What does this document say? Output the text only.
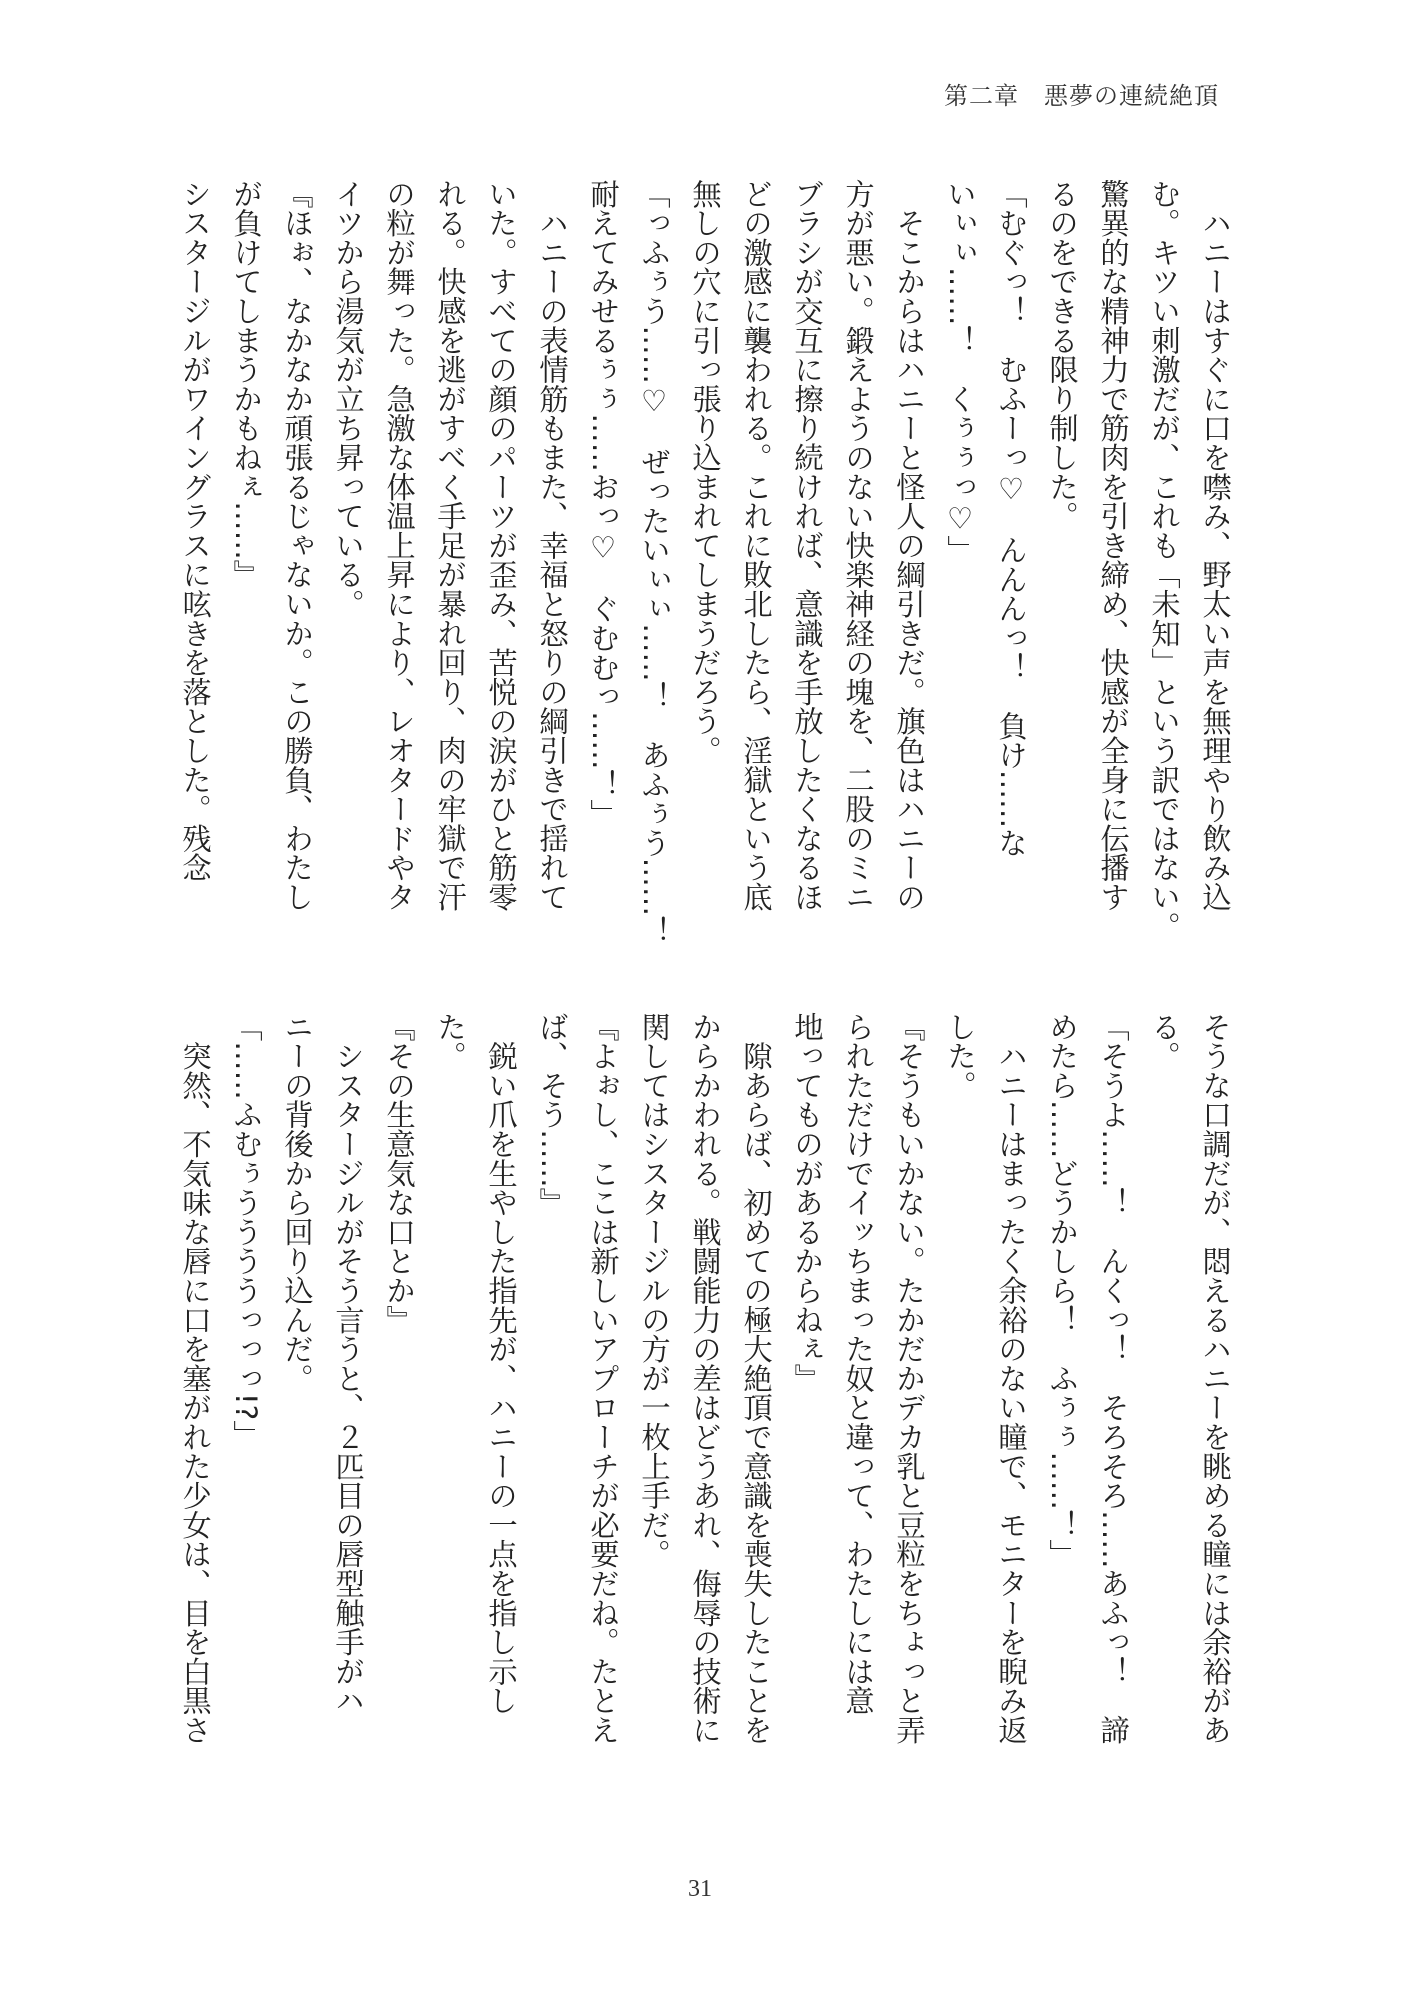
第二章　悪夢の連続絶頂
　ハニーはすぐに口を噤み、野太い声を無理やり飲み込
む。キツい刺激だが、これも「未知」という訳ではない。
驚異的な精神力で筋肉を引き締め、快感が全身に伝播す
るのをできる限り制した。
「むぐっ！　むふーっ♡　んんんっ！　負け……な
いぃぃ……！　くぅぅっ♡」
　そこからはハニーと怪人の綱引きだ。旗色はハニーの
方が悪い。鍛えようのない快楽神経の塊を、二股のミニ
ブラシが交互に擦り続ければ、意識を手放したくなるほ
どの激感に襲われる。これに敗北したら、淫獄という底
無しの穴に引っ張り込まれてしまうだろう。
「っふぅう……♡　ぜったいぃぃ……！　あふぅう……！
耐えてみせるぅぅ……おっ♡　ぐむむっ……！」
　ハニーの表情筋もまた、幸福と怒りの綱引きで揺れて
いた。すべての顔のパーツが歪み、苦悦の涙がひと筋零
れる。快感を逃がすべく手足が暴れ回り、肉の牢獄で汗
の粒が舞った。急激な体温上昇により、レオタードやタ
イツから湯気が立ち昇っている。
『ほぉ、なかなか頑張るじゃないか。この勝負、わたし
が負けてしまうかもねぇ……』
シスタージルがワイングラスに呟きを落とした。残念
そうな口調だが、悶えるハニーを眺める瞳には余裕があ
る。
「そうよ……！　んくっ！　そろそろ……あふっ！　諦
めたら……どうかしら！　ふぅぅ……！」
　ハニーはまったく余裕のない瞳で、モニターを睨み返
した。
『そうもいかない。たかだかデカ乳と豆粒をちょっと弄
られただけでイッちまった奴と違って、わたしには意
地ってものがあるからねぇ』
　隙あらば、初めての極大絶頂で意識を喪失したことを
からかわれる。戦闘能力の差はどうあれ、侮辱の技術に
関してはシスタージルの方が一枚上手だ。
『よぉし、ここは新しいアプローチが必要だね。たとえ
ば、そう……』
　鋭い爪を生やした指先が、ハニーの一点を指し示し
た。
『その生意気な口とか』
　シスタージルがそう言うと、２匹目の唇型触手がハ
ニーの背後から回り込んだ。
「……ふむぅううううっっっ!?」
　突然、不気味な唇に口を塞がれた少女は、目を白黒さ
31
